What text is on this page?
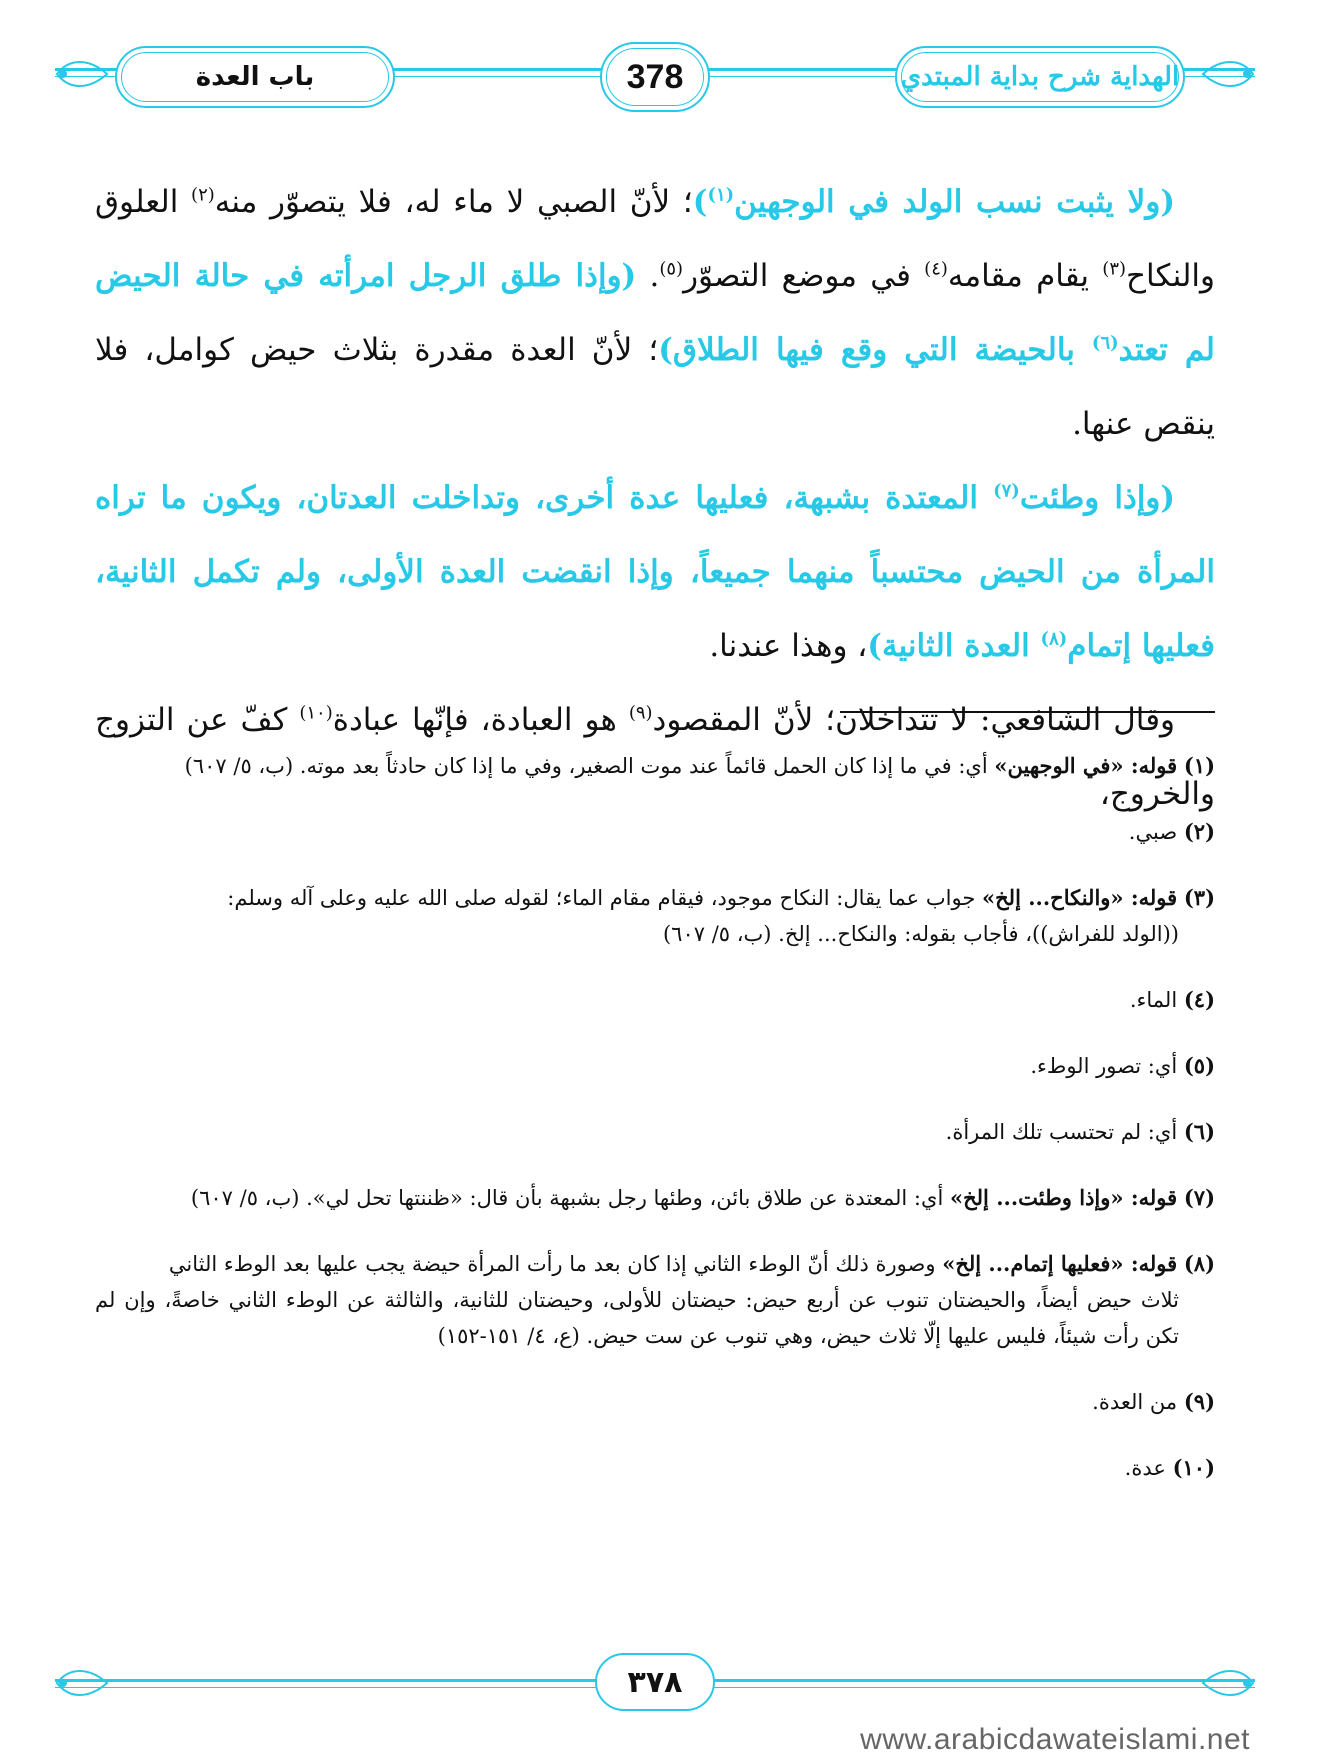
باب العدة	378	الهداية شرح بداية المبتدي

(ولا يثبت نسب الولد في الوجهين$^{(١)}$)؛ لأنّ الصبي لا ماء له، فلا يتصوّر منه$^{(٢)}$ العلوق والنكاح$^{(٣)}$ يقام مقامه$^{(٤)}$ في موضع التصوّر$^{(٥)}$. (وإذا طلق الرجل امرأته في حالة الحيض لم تعتد$^{(٦)}$ بالحيضة التي وقع فيها الطلاق)؛ لأنّ العدة مقدرة بثلاث حيض كوامل، فلا ينقص عنها.

(وإذا وطئت$^{(٧)}$ المعتدة بشبهة، فعليها عدة أخرى، وتداخلت العدتان، ويكون ما تراه المرأة من الحيض محتسباً منهما جميعاً، وإذا انقضت العدة الأولى، ولم تكمل الثانية، فعليها إتمام$^{(٨)}$ العدة الثانية)، وهذا عندنا.

وقال الشافعي: لا تتداخلان؛ لأنّ المقصود$^{(٩)}$ هو العبادة، فإنّها عبادة$^{(١٠)}$ كفّ عن التزوج والخروج،

(١) قوله: «في الوجهين» أي: في ما إذا كان الحمل قائماً عند موت الصغير، وفي ما إذا كان حادثاً بعد موته. (ب، ٥/ ٦٠٧)
(٢) صبي.
(٣) قوله: «والنكاح... إلخ» جواب عما يقال: النكاح موجود، فيقام مقام الماء؛ لقوله صلى الله عليه وعلى آله وسلم:
((الولد للفراش))، فأجاب بقوله: والنكاح... إلخ. (ب، ٥/ ٦٠٧)
(٤) الماء.
(٥) أي: تصور الوطء.
(٦) أي: لم تحتسب تلك المرأة.
(٧) قوله: «وإذا وطئت... إلخ» أي: المعتدة عن طلاق بائن، وطئها رجل بشبهة بأن قال: «ظننتها تحل لي». (ب، ٥/ ٦٠٧)
(٨) قوله: «فعليها إتمام... إلخ» وصورة ذلك أنّ الوطء الثاني إذا كان بعد ما رأت المرأة حيضة يجب عليها بعد الوطء الثاني
ثلاث حيض أيضاً، والحيضتان تنوب عن أربع حيض: حيضتان للأولى، وحيضتان للثانية، والثالثة عن الوطء الثاني خاصةً، وإن لم تكن رأت شيئاً، فليس عليها إلّا ثلاث حيض، وهي تنوب عن ست حيض. (ع، ٤/ ١٥١-١٥٢)
(٩) من العدة.
(١٠) عدة.
٣٧٨
www.arabicdawateislami.net
